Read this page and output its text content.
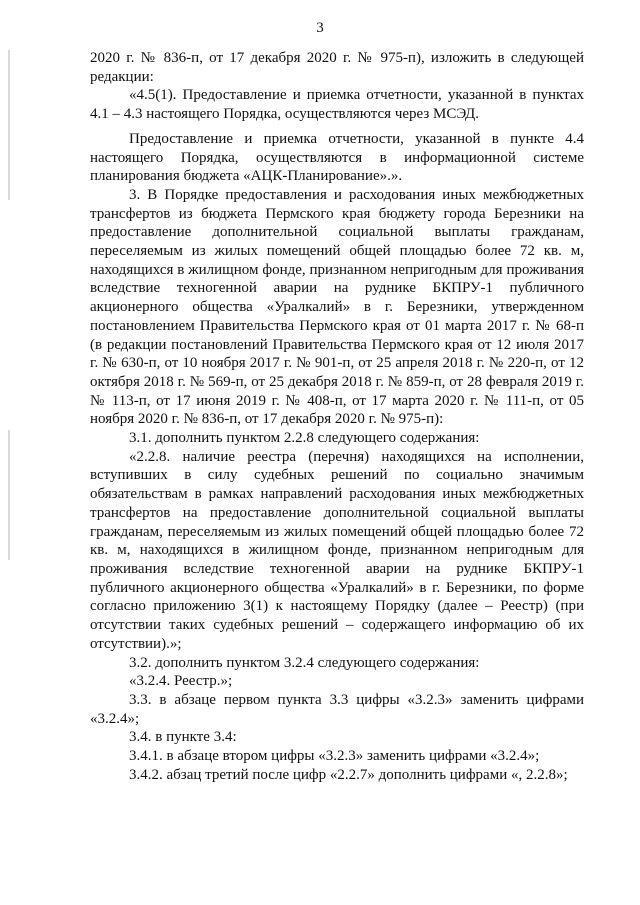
3

2020 г. № 836-п, от 17 декабря 2020 г. № 975-п), изложить в следующей редакции:

«4.5(1). Предоставление и приемка отчетности, указанной в пунктах 4.1 – 4.3 настоящего Порядка, осуществляются через МСЭД.

Предоставление и приемка отчетности, указанной в пункте 4.4 настоящего Порядка, осуществляются в информационной системе планирования бюджета «АЦК-Планирование».».

3. В Порядке предоставления и расходования иных межбюджетных трансфертов из бюджета Пермского края бюджету города Березники на предоставление дополнительной социальной выплаты гражданам, переселяемым из жилых помещений общей площадью более 72 кв. м, находящихся в жилищном фонде, признанном непригодным для проживания вследствие техногенной аварии на руднике БКПРУ-1 публичного акционерного общества «Уралкалий» в г. Березники, утвержденном постановлением Правительства Пермского края от 01 марта 2017 г. № 68-п (в редакции постановлений Правительства Пермского края от 12 июля 2017 г. № 630-п, от 10 ноября 2017 г. № 901-п, от 25 апреля 2018 г. № 220-п, от 12 октября 2018 г. № 569-п, от 25 декабря 2018 г. № 859-п, от 28 февраля 2019 г. № 113-п, от 17 июня 2019 г. № 408-п, от 17 марта 2020 г. № 111-п, от 05 ноября 2020 г. № 836-п, от 17 декабря 2020 г. № 975-п):

3.1. дополнить пунктом 2.2.8 следующего содержания:

«2.2.8. наличие реестра (перечня) находящихся на исполнении, вступивших в силу судебных решений по социально значимым обязательствам в рамках направлений расходования иных межбюджетных трансфертов на предоставление дополнительной социальной выплаты гражданам, переселяемым из жилых помещений общей площадью более 72 кв. м, находящихся в жилищном фонде, признанном непригодным для проживания вследствие техногенной аварии на руднике БКПРУ-1 публичного акционерного общества «Уралкалий» в г. Березники, по форме согласно приложению 3(1) к настоящему Порядку (далее – Реестр) (при отсутствии таких судебных решений – содержащего информацию об их отсутствии).»;

3.2. дополнить пунктом 3.2.4 следующего содержания:

«3.2.4. Реестр.»;

3.3. в абзаце первом пункта 3.3 цифры «3.2.3» заменить цифрами «3.2.4»;

3.4. в пункте 3.4:

3.4.1. в абзаце втором цифры «3.2.3» заменить цифрами «3.2.4»;

3.4.2. абзац третий после цифр «2.2.7» дополнить цифрами «, 2.2.8»;
